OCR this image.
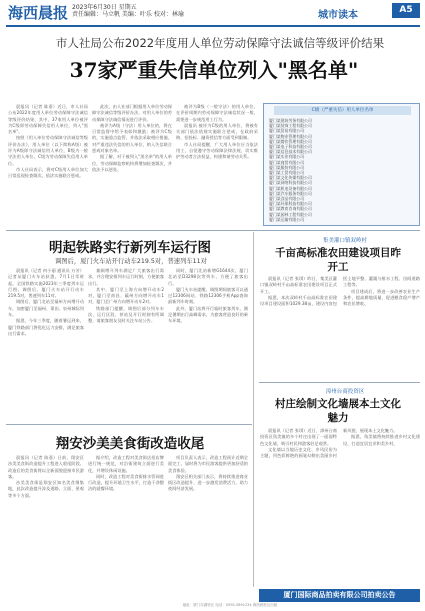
海西晨报 2023年6月30日 星期五
责任编辑：马立帆 美编：叶乐 校对：林瑜	城市读本	A5
市人社局公布2022年度用人单位劳动保障守法诚信等级评价结果
37家严重失信单位列入"黑名单"

晨报讯（记者 陈嘉）近日，市人社局公布2022年度用人单位劳动保障守法诚信等级评价结果，其中，37家用人单位被评为C级即劳动保障失信用人单位，列入"黑名单"。

按照《用人单位劳动保障守法诚信等级评价办法》，用人单位（以下简称A级）被评为A级即守法诚信用人单位，B级为一般守法用人单位，C级为劳动保障失信用人单位。

市人社局表示，将对C级用人单位加大日常巡视检查频次，依法实施联合惩戒。

此次，由人社部门根据用人单位劳动保障守法诚信等级评价办法，对用人单位的劳动保障守法诚信情况进行评价。

被评为A级（守法）用人单位的，将在日常监督中给予表彰和激励；被评为C级的，实施重点监管，并依法采取相应措施，对严重违法失信的用人单位，纳入失信联合惩戒对象名单。

据了解，对于被列入"黑名单"的用人单位，劳动保障监察机构将增加检查频次，并依法予以惩处。

被评为B级（一般守法）的用人单位，在评价周期内劳动保障守法诚信状况一般，需要进一步规范用工行为。

晨报讯 被评为C级的用人单位，将被有关部门依法依规实施联合惩戒，在政府采购、招投标、融资授信等方面受到限制。

市人社局提醒，广大用人单位应当依法用工，自觉遵守劳动保障法律法规，切实维护劳动者合法权益，构建和谐劳动关系。

C级（严重失信）用人单位名单
厦门某建筑劳务有限公司
厦门某装饰工程有限公司
厦门某贸易有限公司
厦门某物业管理有限公司
厦门某餐饮管理有限公司
厦门某电子科技有限公司
厦门某信息技术有限公司
厦门某实业有限公司
厦门某商贸有限公司
厦门某服装有限公司
厦门某工贸有限公司
厦门某文化传媒有限公司
厦门某网络科技有限公司
厦门某机电设备有限公司
厦门某汽车服务有限公司
厦门某食品有限公司
厦门某环保科技有限公司
厦门某教育咨询有限公司
厦门某园林工程有限公司
厦门某运输有限公司
明起铁路实行新列车运行图
调图后，厦门火车站开行动车219.5对，普速列车11对

晨报讯（记者 何小丽 通讯员 万芳）记者从厦门火车站获悉，7月1日零时起，全国铁路实施2023年三季度列车运行图。调图后，厦门火车站开行动车219.5对，普速列车11对。

调图后，厦门北站至福州方向增开动车，加密厦门至福州、莆田、泉州城际列车。

据悉，今年三季度，随着暑运到来，厦门铁路部门将优化运力安排，满足旅客出行需求。

兼顾增开列车满足广大旅客出行需求，并合理安排列车运行时刻，方便旅客出行。

其中，厦门至上海方向增开动车2对，厦门至南昌、赣州方向增开动车1对，厦门至广州方向增开动车2对。

铁路部门提醒，调图后部分列车车次、运行区段、停站及开行时刻有所调整，请旅客朋友及时关注车站公告。

同时，厦门北站新增G1644次、厦门北站至D3298次等列车，方便了旅客出行。

厦门火车站提醒，调图期间旅客可以通过12306网站、铁路12306手机App查询最新列车时刻。

此外，厦门站将开行临时旅客列车，满足暑期出行高峰需求，为旅客营造良好的乘车环境。

集美灌口镇双岭村
千亩高标准农田建设项目昨开工

晨报讯（记者 张琪）昨日，集美区灌口镇双岭村千亩高标准农田建设项目正式开工。

据悉，本次双岭村千亩高标准农田建设项目建设面积1029.38亩，建设内容包括土地平整、灌溉与排水工程、田间道路工程等。

项目建成后，将进一步改善农业生产条件，提高耕地质量，促进粮食稳产增产和农民增收。

漳州台商投资区
村庄绘制文化墙展本土文化魅力

晨报讯（记者 张琪）近日，漳州台商投资区角美镇的多个村庄出现了一面面特色文化墙，吸引村民和游客驻足观赏。

文化墙以当地历史文化、乡风民俗为主题，用色彩鲜艳的画笔勾勒出美丽乡村新风貌，展现本土文化魅力。

据悉，角美镇将持续推进乡村文化建设，打造宜居宜业和美乡村。

翔安沙美美食街改造收尾

晨报讯（记者 陈嘉）日前，翔安区沙美美食街改造提升工程进入收尾阶段。改造后的美食街将以全新面貌迎接市民游客。

沙美美食街是翔安区知名美食聚集地，此次改造提升涉及道路、立面、景观等多个方面。

据介绍，改造工程对美食街店招店牌进行统一规范，对沿街建筑立面进行美化，并增设休闲设施。

同时，改造工程对美食街排水管网进行改造，提升环境卫生水平，打造干净整洁的就餐环境。

项目负责人表示，改造工程预计近期全面完工，届时将为市民游客提供更加舒适的美食体验。

翔安区相关部门表示，将持续推进商业街区改造提升，进一步激发消费活力，助力夜间经济发展。

厦门国际商品拍卖有限公司拍卖公告
地址：厦门市湖里区 电话：0592-5891234 海西晨报社出版
